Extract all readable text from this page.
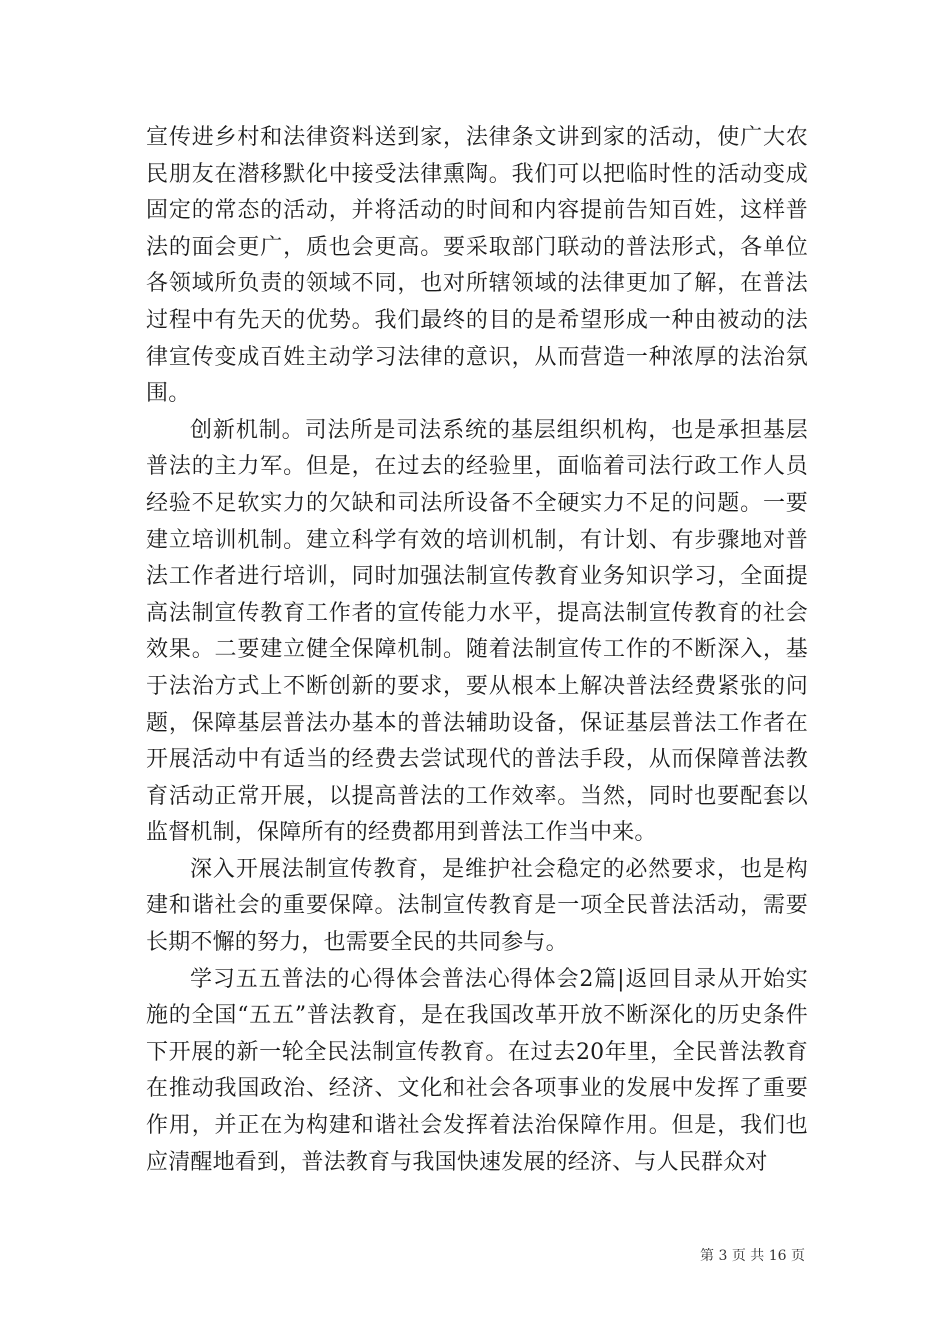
宣传进乡村和法律资料送到家，法律条文讲到家的活动，使广大农民朋友在潜移默化中接受法律熏陶。我们可以把临时性的活动变成固定的常态的活动，并将活动的时间和内容提前告知百姓，这样普法的面会更广，质也会更高。要采取部门联动的普法形式，各单位各领域所负责的领域不同，也对所辖领域的法律更加了解，在普法过程中有先天的优势。我们最终的目的是希望形成一种由被动的法律宣传变成百姓主动学习法律的意识，从而营造一种浓厚的法治氛围。

创新机制。司法所是司法系统的基层组织机构，也是承担基层普法的主力军。但是，在过去的经验里，面临着司法行政工作人员经验不足软实力的欠缺和司法所设备不全硬实力不足的问题。一要建立培训机制。建立科学有效的培训机制，有计划、有步骤地对普法工作者进行培训，同时加强法制宣传教育业务知识学习，全面提高法制宣传教育工作者的宣传能力水平，提高法制宣传教育的社会效果。二要建立健全保障机制。随着法制宣传工作的不断深入，基于法治方式上不断创新的要求，要从根本上解决普法经费紧张的问题，保障基层普法办基本的普法辅助设备，保证基层普法工作者在开展活动中有适当的经费去尝试现代的普法手段，从而保障普法教育活动正常开展，以提高普法的工作效率。当然，同时也要配套以监督机制，保障所有的经费都用到普法工作当中来。

深入开展法制宣传教育，是维护社会稳定的必然要求，也是构建和谐社会的重要保障。法制宣传教育是一项全民普法活动，需要长期不懈的努力，也需要全民的共同参与。

学习五五普法的心得体会普法心得体会2篇|返回目录从开始实施的全国“五五”普法教育，是在我国改革开放不断深化的历史条件下开展的新一轮全民法制宣传教育。在过去20年里，全民普法教育在推动我国政治、经济、文化和社会各项事业的发展中发挥了重要作用，并正在为构建和谐社会发挥着法治保障作用。但是，我们也应清醒地看到，普法教育与我国快速发展的经济、与人民群众对

第 3 页 共 16 页
